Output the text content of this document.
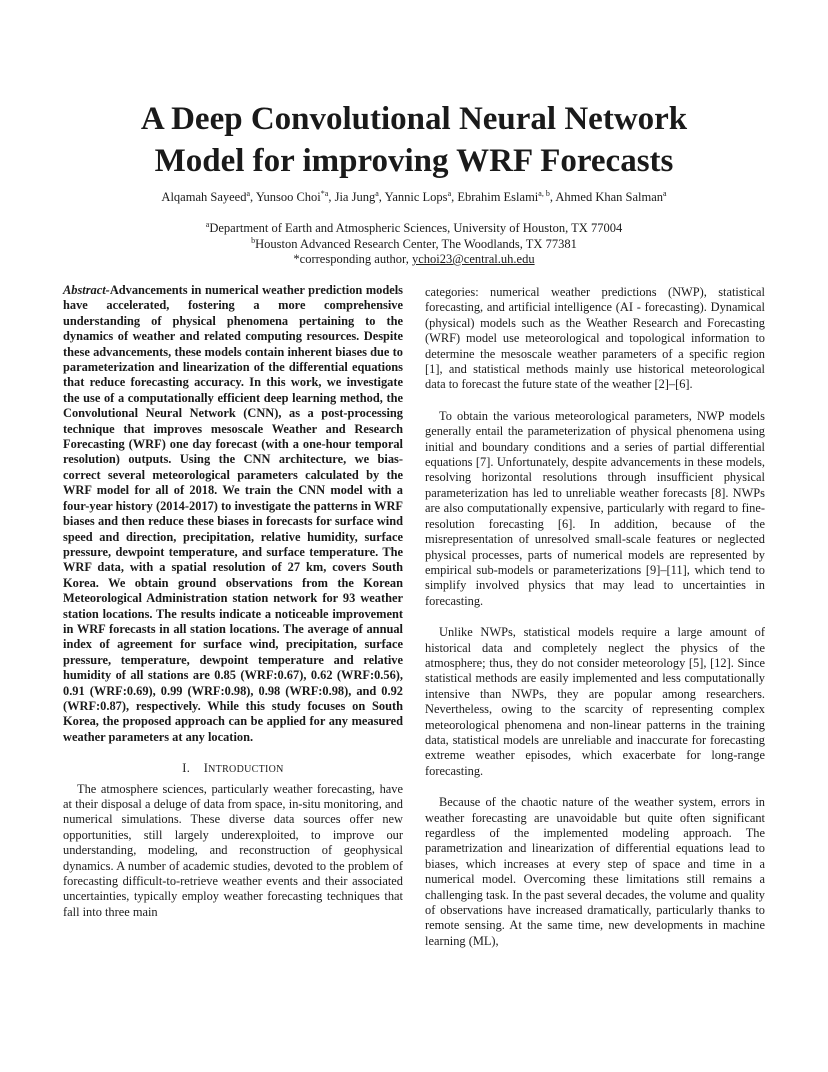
A Deep Convolutional Neural Network
Model for improving WRF Forecasts
Alqamah Sayeed$^a$, Yunsoo Choi$^{*a}$, Jia Jung$^a$, Yannic Lops$^a$, Ebrahim Eslami$^{a, b}$, Ahmed Khan Salman$^a$
$^a$Department of Earth and Atmospheric Sciences, University of Houston, TX 77004
$^b$Houston Advanced Research Center, The Woodlands, TX 77381
*corresponding author, ychoi23@central.uh.edu

Abstract-Advancements in numerical weather prediction models have accelerated, fostering a more comprehensive understanding of physical phenomena pertaining to the dynamics of weather and related computing resources. Despite these advancements, these models contain inherent biases due to parameterization and linearization of the differential equations that reduce forecasting accuracy. In this work, we investigate the use of a computationally efficient deep learning method, the Convolutional Neural Network (CNN), as a post-processing technique that improves mesoscale Weather and Research Forecasting (WRF) one day forecast (with a one-hour temporal resolution) outputs. Using the CNN architecture, we bias-correct several meteorological parameters calculated by the WRF model for all of 2018. We train the CNN model with a four-year history (2014-2017) to investigate the patterns in WRF biases and then reduce these biases in forecasts for surface wind speed and direction, precipitation, relative humidity, surface pressure, dewpoint temperature, and surface temperature. The WRF data, with a spatial resolution of 27 km, covers South Korea. We obtain ground observations from the Korean Meteorological Administration station network for 93 weather station locations. The results indicate a noticeable improvement in WRF forecasts in all station locations. The average of annual index of agreement for surface wind, precipitation, surface pressure, temperature, dewpoint temperature and relative humidity of all stations are 0.85 (WRF:0.67), 0.62 (WRF:0.56), 0.91 (WRF:0.69), 0.99 (WRF:0.98), 0.98 (WRF:0.98), and 0.92 (WRF:0.87), respectively. While this study focuses on South Korea, the proposed approach can be applied for any measured weather parameters at any location.

I. INTRODUCTION

The atmosphere sciences, particularly weather forecasting, have at their disposal a deluge of data from space, in-situ monitoring, and numerical simulations. These diverse data sources offer new opportunities, still largely underexploited, to improve our understanding, modeling, and reconstruction of geophysical dynamics. A number of academic studies, devoted to the problem of forecasting difficult-to-retrieve weather events and their associated uncertainties, typically employ weather forecasting techniques that fall into three main

categories: numerical weather predictions (NWP), statistical forecasting, and artificial intelligence (AI - forecasting). Dynamical (physical) models such as the Weather Research and Forecasting (WRF) model use meteorological and topological information to determine the mesoscale weather parameters of a specific region [1], and statistical methods mainly use historical meteorological data to forecast the future state of the weather [2]–[6].

To obtain the various meteorological parameters, NWP models generally entail the parameterization of physical phenomena using initial and boundary conditions and a series of partial differential equations [7]. Unfortunately, despite advancements in these models, resolving horizontal resolutions through insufficient physical parameterization has led to unreliable weather forecasts [8]. NWPs are also computationally expensive, particularly with regard to fine-resolution forecasting [6]. In addition, because of the misrepresentation of unresolved small-scale features or neglected physical processes, parts of numerical models are represented by empirical sub-models or parameterizations [9]–[11], which tend to simplify involved physics that may lead to uncertainties in forecasting.

Unlike NWPs, statistical models require a large amount of historical data and completely neglect the physics of the atmosphere; thus, they do not consider meteorology [5], [12]. Since statistical methods are easily implemented and less computationally intensive than NWPs, they are popular among researchers. Nevertheless, owing to the scarcity of representing complex meteorological phenomena and non-linear patterns in the training data, statistical models are unreliable and inaccurate for forecasting extreme weather episodes, which exacerbate for long-range forecasting.

Because of the chaotic nature of the weather system, errors in weather forecasting are unavoidable but quite often significant regardless of the implemented modeling approach. The parametrization and linearization of differential equations lead to biases, which increases at every step of space and time in a numerical model. Overcoming these limitations still remains a challenging task. In the past several decades, the volume and quality of observations have increased dramatically, particularly thanks to remote sensing. At the same time, new developments in machine learning (ML),
